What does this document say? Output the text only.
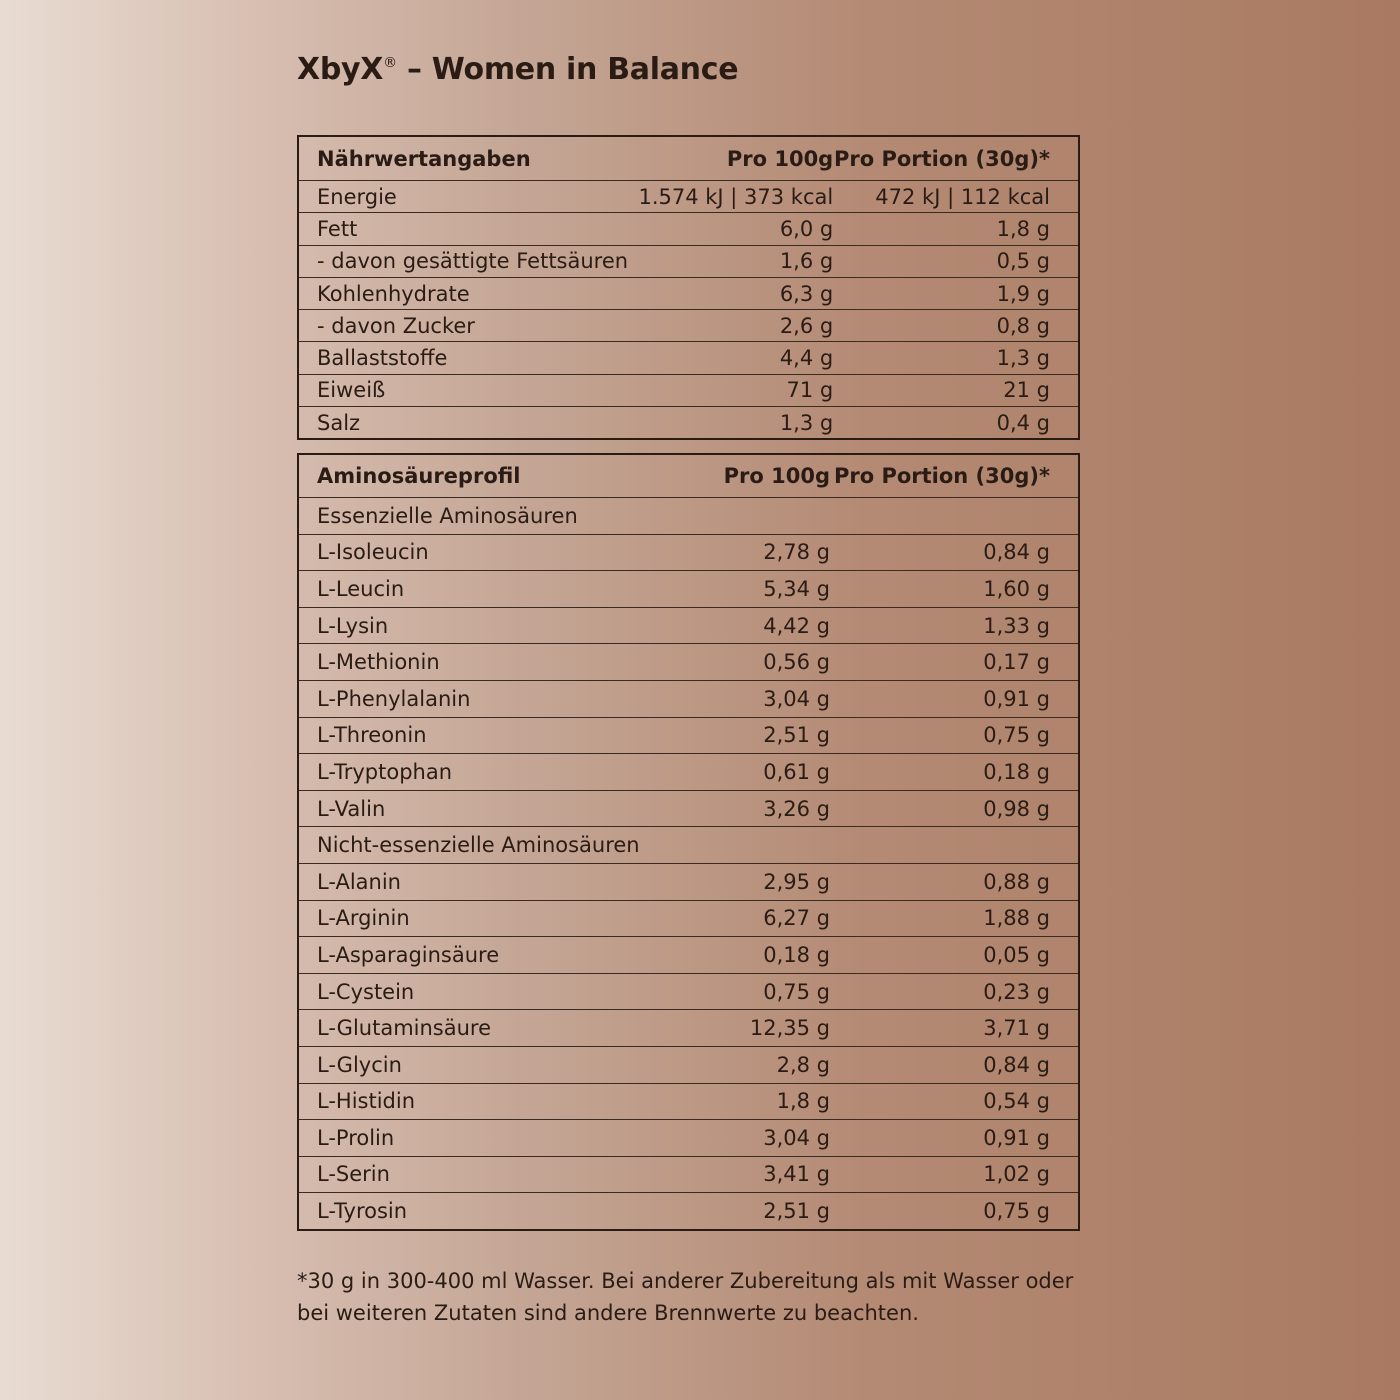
XbyX® – Women in Balance
Nährwertangaben	Pro 100g	Pro Portion (30g)*
Energie	1.574 kJ | 373 kcal	472 kJ | 112 kcal
Fett	6,0 g	1,8 g
- davon gesättigte Fettsäuren	1,6 g	0,5 g
Kohlenhydrate	6,3 g	1,9 g
- davon Zucker	2,6 g	0,8 g
Ballaststoffe	4,4 g	1,3 g
Eiweiß	71 g	21 g
Salz	1,3 g	0,4 g
Aminosäureprofil	Pro 100g	Pro Portion (30g)*
Essenzielle Aminosäuren		
L-Isoleucin	2,78 g	0,84 g
L-Leucin	5,34 g	1,60 g
L-Lysin	4,42 g	1,33 g
L-Methionin	0,56 g	0,17 g
L-Phenylalanin	3,04 g	0,91 g
L-Threonin	2,51 g	0,75 g
L-Tryptophan	0,61 g	0,18 g
L-Valin	3,26 g	0,98 g
Nicht-essenzielle Aminosäuren		
L-Alanin	2,95 g	0,88 g
L-Arginin	6,27 g	1,88 g
L-Asparaginsäure	0,18 g	0,05 g
L-Cystein	0,75 g	0,23 g
L-Glutaminsäure	12,35 g	3,71 g
L-Glycin	2,8 g	0,84 g
L-Histidin	1,8 g	0,54 g
L-Prolin	3,04 g	0,91 g
L-Serin	3,41 g	1,02 g
L-Tyrosin	2,51 g	0,75 g
*30 g in 300-400 ml Wasser. Bei anderer Zubereitung als mit Wasser oder bei weiteren Zutaten sind andere Brennwerte zu beachten.
